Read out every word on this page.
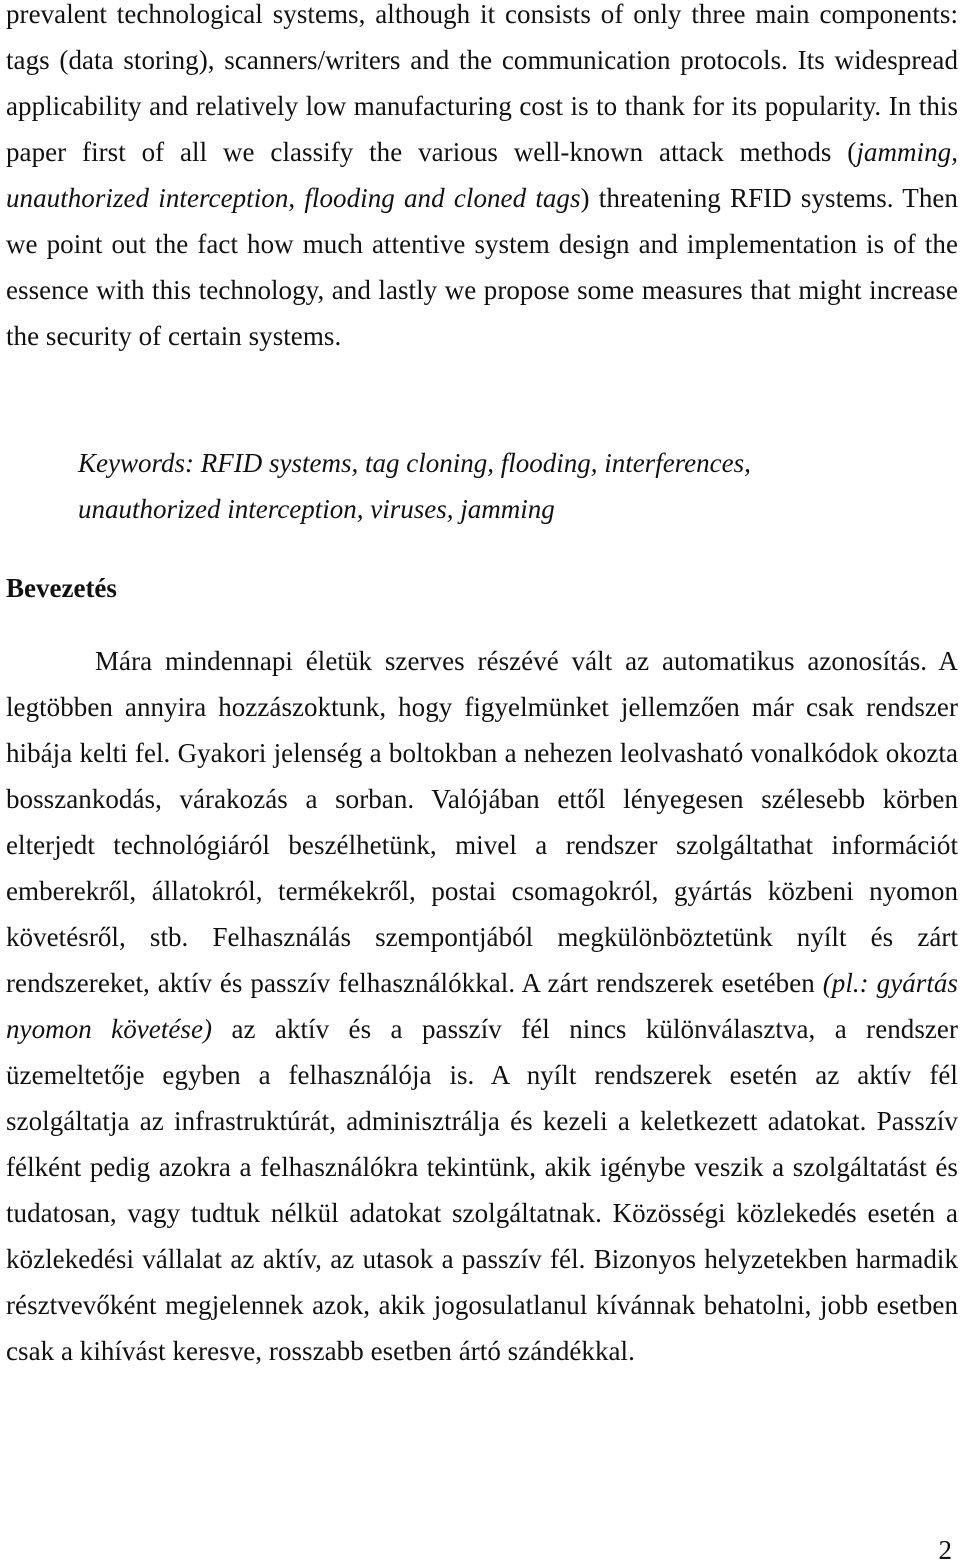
prevalent technological systems, although it consists of only three main components: tags (data storing), scanners/writers and the communication protocols. Its widespread applicability and relatively low manufacturing cost is to thank for its popularity. In this paper first of all we classify the various well-known attack methods (jamming, unauthorized interception, flooding and cloned tags) threatening RFID systems. Then we point out the fact how much attentive system design and implementation is of the essence with this technology, and lastly we propose some measures that might increase the security of certain systems.

Keywords: RFID systems, tag cloning, flooding, interferences,
unauthorized interception, viruses, jamming
Bevezetés

Mára mindennapi életük szerves részévé vált az automatikus azonosítás. A legtöbben annyira hozzászoktunk, hogy figyelmünket jellemzően már csak rendszer hibája kelti fel. Gyakori jelenség a boltokban a nehezen leolvasható vonalkódok okozta bosszankodás, várakozás a sorban. Valójában ettől lényegesen szélesebb körben elterjedt technológiáról beszélhetünk, mivel a rendszer szolgáltathat információt emberekről, állatokról, termékekről, postai csomagokról, gyártás közbeni nyomon követésről, stb. Felhasználás szempontjából megkülönböztetünk nyílt és zárt rendszereket, aktív és passzív felhasználókkal. A zárt rendszerek esetében (pl.: gyártás nyomon követése) az aktív és a passzív fél nincs különválasztva, a rendszer üzemeltetője egyben a felhasználója is. A nyílt rendszerek esetén az aktív fél szolgáltatja az infrastruktúrát, adminisztrálja és kezeli a keletkezett adatokat. Passzív félként pedig azokra a felhasználókra tekintünk, akik igénybe veszik a szolgáltatást és tudatosan, vagy tudtuk nélkül adatokat szolgáltatnak. Közösségi közlekedés esetén a közlekedési vállalat az aktív, az utasok a passzív fél. Bizonyos helyzetekben harmadik résztvevőként megjelennek azok, akik jogosulatlanul kívánnak behatolni, jobb esetben csak a kihívást keresve, rosszabb esetben ártó szándékkal.

2
